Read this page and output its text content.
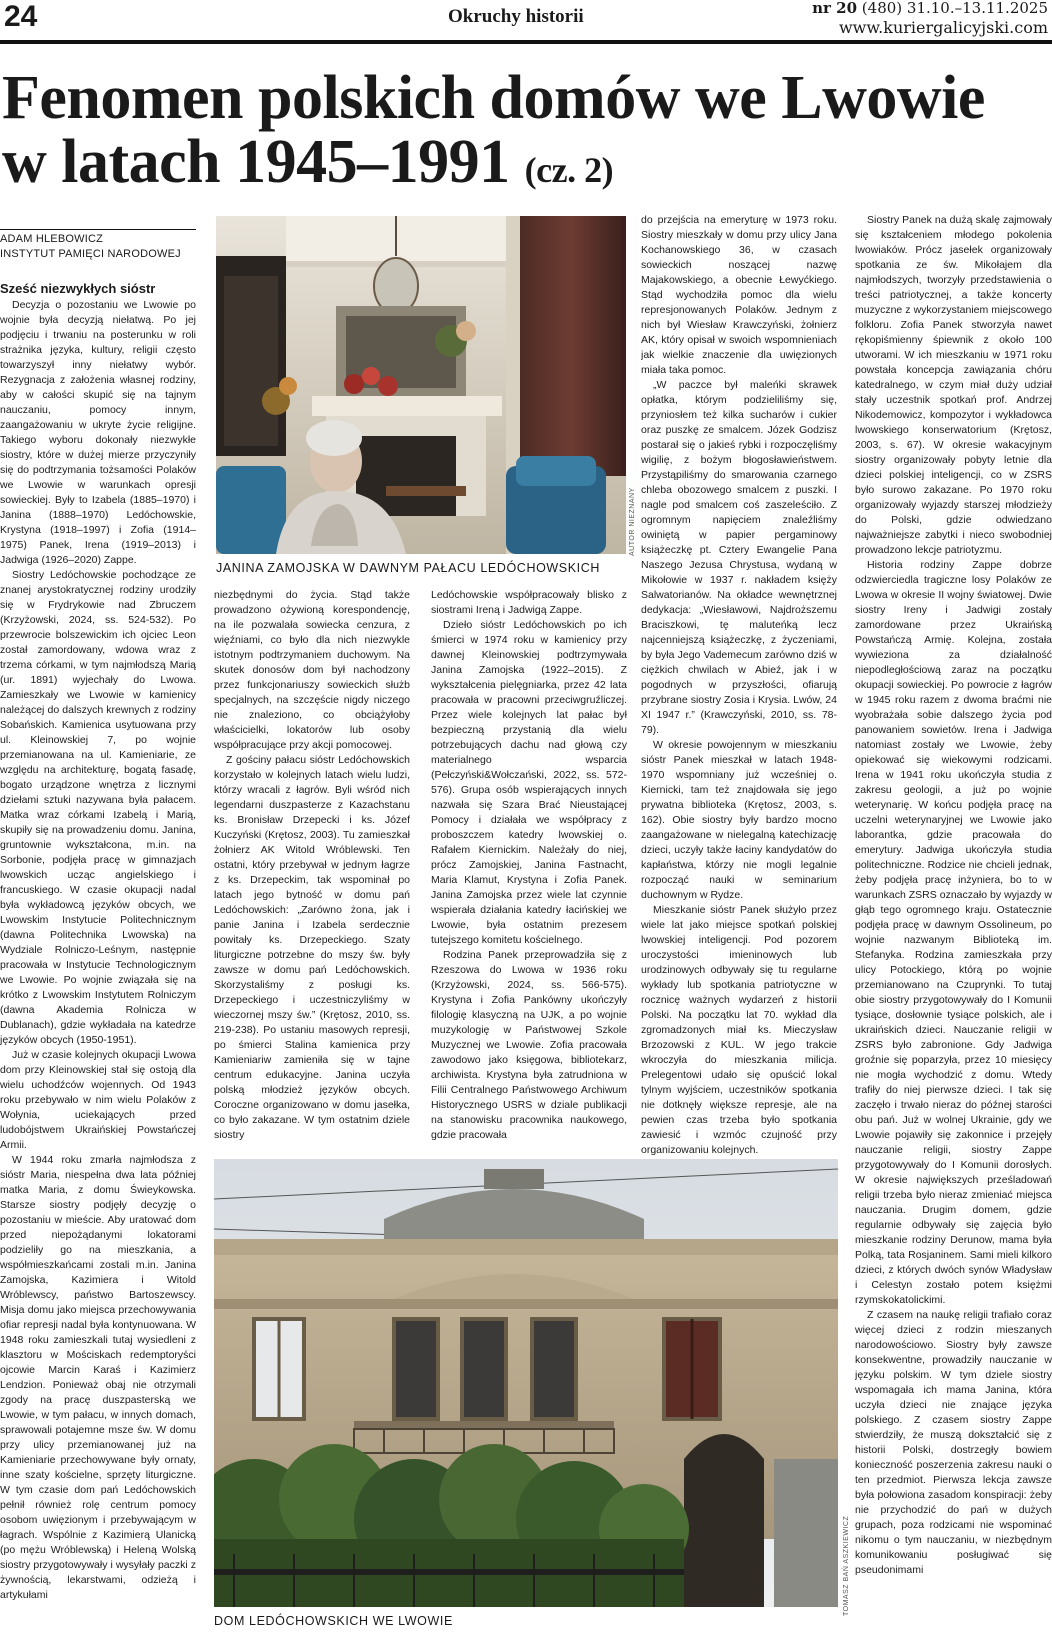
24	Okruchy historii	nr 20 (480) 31.10.–13.11.2025
www.kuriergalicyjski.com
Fenomen polskich domów we Lwowie w latach 1945–1991 (cz. 2)
ADAM HLEBOWICZ
INSTYTUT PAMIĘCI NARODOWEJ
Sześć niezwykłych sióstr

Decyzja o pozostaniu we Lwowie po wojnie była decyzją niełatwą. Po jej podjęciu i trwaniu na posterunku w roli strażnika języka, kultury, religii często towarzyszył inny niełatwy wybór. Rezygnacja z założenia własnej rodziny, aby w całości skupić się na tajnym nauczaniu, pomocy innym, zaangażowaniu w ukryte życie religijne. Takiego wyboru dokonały niezwykłe siostry, które w dużej mierze przyczyniły się do podtrzymania tożsamości Polaków we Lwowie w warunkach opresji sowieckiej. Były to Izabela (1885–1970) i Janina (1888–1970) Ledóchowskie, Krystyna (1918–1997) i Zofia (1914–1975) Panek, Irena (1919–2013) i Jadwiga (1926–2020) Zappe.

Siostry Ledóchowskie pochodzące ze znanej arystokratycznej rodziny urodziły się w Frydrykowie nad Zbruczem (Krzyżowski, 2024, ss. 524-532). Po przewrocie bolszewickim ich ojciec Leon został zamordowany, wdowa wraz z trzema córkami, w tym najmłodszą Marią (ur. 1891) wyjechały do Lwowa. Zamieszkały we Lwowie w kamienicy należącej do dalszych krewnych z rodziny Sobańskich. Kamienica usytuowana przy ul. Kleinowskiej 7, po wojnie przemianowana na ul. Kamieniarie, ze względu na architekturę, bogatą fasadę, bogato urządzone wnętrza z licznymi dziełami sztuki nazywana była pałacem. Matka wraz córkami Izabelą i Marią, skupiły się na prowadzeniu domu. Janina, gruntownie wykształcona, m.in. na Sorbonie, podjęła pracę w gimnazjach lwowskich ucząc angielskiego i francuskiego. W czasie okupacji nadal była wykładowcą języków obcych, we Lwowskim Instytucie Politechnicznym (dawna Politechnika Lwowska) na Wydziale Rolniczo-Leśnym, następnie pracowała w Instytucie Technologicznym we Lwowie. Po wojnie związała się na krótko z Lwowskim Instytutem Rolniczym (dawna Akademia Rolnicza w Dublanach), gdzie wykładała na katedrze języków obcych (1950-1951).

Już w czasie kolejnych okupacji Lwowa dom przy Kleinowskiej stał się ostoją dla wielu uchodźców wojennych. Od 1943 roku przebywało w nim wielu Polaków z Wołynia, uciekających przed ludobójstwem Ukraińskiej Powstańczej Armii.

W 1944 roku zmarła najmłodsza z sióstr Maria, niespełna dwa lata później matka Maria, z domu Świeykowska. Starsze siostry podjęły decyzję o pozostaniu w mieście. Aby uratować dom przed niepożądanymi lokatorami podzieliły go na mieszkania, a współmieszkańcami zostali m.in. Janina Zamojska, Kazimiera i Witold Wróblewscy, państwo Bartoszewscy. Misja domu jako miejsca przechowywania ofiar represji nadal była kontynuowana. W 1948 roku zamieszkali tutaj wysiedleni z klasztoru w Mościskach redemptoryści ojcowie Marcin Karaś i Kazimierz Lendzion. Ponieważ obaj nie otrzymali zgody na pracę duszpasterską we Lwowie, w tym pałacu, w innych domach, sprawowali potajemne msze św. W domu przy ulicy przemianowanej już na Kamieniarie przechowywane były ornaty, inne szaty kościelne, sprzęty liturgiczne. W tym czasie dom pań Ledóchowskich pełnił również rolę centrum pomocy osobom uwięzionym i przebywającym w łagrach. Wspólnie z Kazimierą Ulanicką (po mężu Wróblewską) i Heleną Wolską siostry przygotowywały i wysyłały paczki z żywnością, lekarstwami, odzieżą i artykułami

AUTOR NIEZNANY
JANINA ZAMOJSKA W DAWNYM PAŁACU LEDÓCHOWSKICH

niezbędnymi do życia. Stąd także prowadzono ożywioną korespondencję, na ile pozwalała sowiecka cenzura, z więźniami, co było dla nich niezwykle istotnym podtrzymaniem duchowym. Na skutek donosów dom był nachodzony przez funkcjonariuszy sowieckich służb specjalnych, na szczęście nigdy niczego nie znaleziono, co obciążyłoby właścicielki, lokatorów lub osoby współpracujące przy akcji pomocowej.

Z gościny pałacu sióstr Ledóchowskich korzystało w kolejnych latach wielu ludzi, którzy wracali z łagrów. Byli wśród nich legendarni duszpasterze z Kazachstanu ks. Bronisław Drzepecki i ks. Józef Kuczyński (Krętosz, 2003). Tu zamieszkał żołnierz AK Witold Wróblewski. Ten ostatni, który przebywał w jednym łagrze z ks. Drzepeckim, tak wspominał po latach jego bytność w domu pań Ledóchowskich: „Zarówno żona, jak i panie Janina i Izabela serdecznie powitały ks. Drzepeckiego. Szaty liturgiczne potrzebne do mszy św. były zawsze w domu pań Ledóchowskich. Skorzystaliśmy z posługi ks. Drzepeckiego i uczestniczyliśmy w wieczornej mszy św.” (Krętosz, 2010, ss. 219-238). Po ustaniu masowych represji, po śmierci Stalina kamienica przy Kamieniariw zamieniła się w tajne centrum edukacyjne. Janina uczyła polską młodzież języków obcych. Coroczne organizowano w domu jasełka, co było zakazane. W tym ostatnim dziele siostry

Ledóchowskie współpracowały blisko z siostrami Ireną i Jadwigą Zappe.

Dzieło sióstr Ledóchowskich po ich śmierci w 1974 roku w kamienicy przy dawnej Kleinowskiej podtrzymywała Janina Zamojska (1922–2015). Z wykształcenia pielęgniarka, przez 42 lata pracowała w pracowni przeciwgruźliczej. Przez wiele kolejnych lat pałac był bezpieczną przystanią dla wielu potrzebujących dachu nad głową czy materialnego wsparcia (Pełczyński&Wołczański, 2022, ss. 572-576). Grupa osób wspierających innych nazwała się Szara Brać Nieustającej Pomocy i działała we współpracy z proboszczem katedry lwowskiej o. Rafałem Kiernickim. Należały do niej, prócz Zamojskiej, Janina Fastnacht, Maria Klamut, Krystyna i Zofia Panek. Janina Zamojska przez wiele lat czynnie wspierała działania katedry łacińskiej we Lwowie, była ostatnim prezesem tutejszego komitetu kościelnego.

Rodzina Panek przeprowadziła się z Rzeszowa do Lwowa w 1936 roku (Krzyżowski, 2024, ss. 566-575). Krystyna i Zofia Pankówny ukończyły filologię klasyczną na UJK, a po wojnie muzykologię w Państwowej Szkole Muzycznej we Lwowie. Zofia pracowała zawodowo jako księgowa, bibliotekarz, archiwista. Krystyna była zatrudniona w Filii Centralnego Państwowego Archiwum Historycznego USRS w dziale publikacji na stanowisku pracownika naukowego, gdzie pracowała

do przejścia na emeryturę w 1973 roku. Siostry mieszkały w domu przy ulicy Jana Kochanowskiego 36, w czasach sowieckich noszącej nazwę Majakowskiego, a obecnie Łewyćkiego. Stąd wychodziła pomoc dla wielu represjonowanych Polaków. Jednym z nich był Wiesław Krawczyński, żołnierz AK, który opisał w swoich wspomnieniach jak wielkie znaczenie dla uwięzionych miała taka pomoc.

„W paczce był maleńki skrawek opłatka, którym podzieliliśmy się, przyniosłem też kilka sucharów i cukier oraz puszkę ze smalcem. Józek Godzisz postarał się o jakieś rybki i rozpoczęliśmy wigilię, z bożym błogosławieństwem. Przystąpiliśmy do smarowania czarnego chleba obozowego smalcem z puszki. I nagle pod smalcem coś zaszeleściło. Z ogromnym napięciem znaleźliśmy owiniętą w papier pergaminowy książeczkę pt. Cztery Ewangelie Pana Naszego Jezusa Chrystusa, wydaną w Mikołowie w 1937 r. nakładem księży Salwatorianów. Na okładce wewnętrznej dedykacja: „Wiesławowi, Najdroższemu Braciszkowi, tę maluteńką lecz najcenniejszą książeczkę, z życzeniami, by była Jego Vademecum zarówno dziś w ciężkich chwilach w Abieź, jak i w pogodnych w przyszłości, ofiarują przybrane siostry Zosia i Krysia. Lwów, 24 XI 1947 r.” (Krawczyński, 2010, ss. 78-79).

W okresie powojennym w mieszkaniu sióstr Panek mieszkał w latach 1948-1970 wspomniany już wcześniej o. Kiernicki, tam też znajdowała się jego prywatna biblioteka (Krętosz, 2003, s. 162). Obie siostry były bardzo mocno zaangażowane w nielegalną katechizację dzieci, uczyły także łaciny kandydatów do kapłaństwa, którzy nie mogli legalnie rozpocząć nauki w seminarium duchownym w Rydze.

Mieszkanie sióstr Panek służyło przez wiele lat jako miejsce spotkań polskiej lwowskiej inteligencji. Pod pozorem uroczystości imieninowych lub urodzinowych odbywały się tu regularne wykłady lub spotkania patriotyczne w rocznicę ważnych wydarzeń z historii Polski. Na początku lat 70. wykład dla zgromadzonych miał ks. Mieczysław Brzozowski z KUL. W jego trakcie wkroczyła do mieszkania milicja. Prelegentowi udało się opuścić lokal tylnym wyjściem, uczestników spotkania nie dotknęły większe represje, ale na pewien czas trzeba było spotkania zawiesić i wzmóc czujność przy organizowaniu kolejnych.

Siostry Panek na dużą skalę zajmowały się kształceniem młodego pokolenia lwowiaków. Prócz jasełek organizowały spotkania ze św. Mikołajem dla najmłodszych, tworzyły przedstawienia o treści patriotycznej, a także koncerty muzyczne z wykorzystaniem miejscowego folkloru. Zofia Panek stworzyła nawet rękopiśmienny śpiewnik z około 100 utworami. W ich mieszkaniu w 1971 roku powstała koncepcja zawiązania chóru katedralnego, w czym miał duży udział stały uczestnik spotkań prof. Andrzej Nikodemowicz, kompozytor i wykładowca lwowskiego konserwatorium (Krętosz, 2003, s. 67). W okresie wakacyjnym siostry organizowały pobyty letnie dla dzieci polskiej inteligencji, co w ZSRS było surowo zakazane. Po 1970 roku organizowały wyjazdy starszej młodzieży do Polski, gdzie odwiedzano najważniejsze zabytki i nieco swobodniej prowadzono lekcje patriotyzmu.

Historia rodziny Zappe dobrze odzwierciedla tragiczne losy Polaków ze Lwowa w okresie II wojny światowej. Dwie siostry Ireny i Jadwigi zostały zamordowane przez Ukraińską Powstańczą Armię. Kolejna, została wywieziona za działalność niepodległościową zaraz na początku okupacji sowieckiej. Po powrocie z łagrów w 1945 roku razem z dwoma braćmi nie wyobrażała sobie dalszego życia pod panowaniem sowietów. Irena i Jadwiga natomiast zostały we Lwowie, żeby opiekować się wiekowymi rodzicami. Irena w 1941 roku ukończyła studia z zakresu geologii, a już po wojnie weterynarię. W końcu podjęła pracę na uczelni weterynaryjnej we Lwowie jako laborantka, gdzie pracowała do emerytury. Jadwiga ukończyła studia politechniczne. Rodzice nie chcieli jednak, żeby podjęła pracę inżyniera, bo to w warunkach ZSRS oznaczało by wyjazdy w głąb tego ogromnego kraju. Ostatecznie podjęła pracę w dawnym Ossolineum, po wojnie nazwanym Biblioteką im. Stefanyka. Rodzina zamieszkała przy ulicy Potockiego, którą po wojnie przemianowano na Czuprynki. To tutaj obie siostry przygotowywały do I Komunii tysiące, dosłownie tysiące polskich, ale i ukraińskich dzieci. Nauczanie religii w ZSRS było zabronione. Gdy Jadwiga groźnie się poparzyła, przez 10 miesięcy nie mogła wychodzić z domu. Wtedy trafiły do niej pierwsze dzieci. I tak się zaczęło i trwało nieraz do późnej starości obu pań. Już w wolnej Ukrainie, gdy we Lwowie pojawiły się zakonnice i przejęły nauczanie religii, siostry Zappe przygotowywały do I Komunii dorosłych. W okresie największych prześladowań religii trzeba było nieraz zmieniać miejsca nauczania. Drugim domem, gdzie regularnie odbywały się zajęcia było mieszkanie rodziny Derunow, mama była Polką, tata Rosjaninem. Sami mieli kilkoro dzieci, z których dwóch synów Władysław i Celestyn zostało potem księżmi rzymskokatolickimi.

Z czasem na naukę religii trafiało coraz więcej dzieci z rodzin mieszanych narodowościowo. Siostry były zawsze konsekwentne, prowadziły nauczanie w języku polskim. W tym dziele siostry wspomagała ich mama Janina, która uczyła dzieci nie znające języka polskiego. Z czasem siostry Zappe stwierdziły, że muszą dokształcić się z historii Polski, dostrzegły bowiem konieczność poszerzenia zakresu nauki o ten przedmiot. Pierwsza lekcja zawsze była połowiona zasadom konspiracji: żeby nie przychodzić do pań w dużych grupach, poza rodzicami nie wspominać nikomu o tym nauczaniu, w niezbędnym komunikowaniu posługiwać się pseudonimami

TOMASZ BAŃ ASZKIEWICZ
DOM LEDÓCHOWSKICH WE LWOWIE
